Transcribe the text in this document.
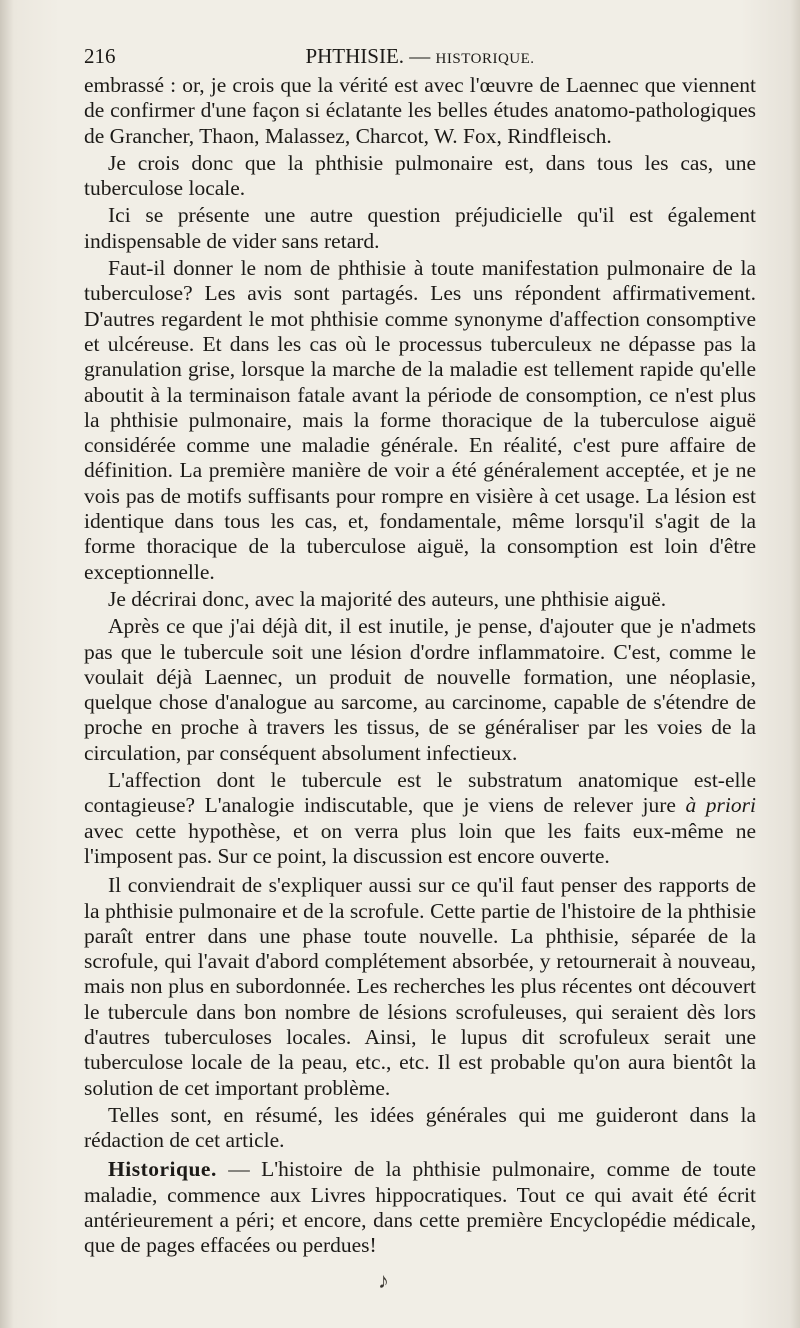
216	PHTHISIE. — HISTORIQUE.

embrassé : or, je crois que la vérité est avec l'œuvre de Laennec que viennent de confirmer d'une façon si éclatante les belles études anatomo-pathologiques de Grancher, Thaon, Malassez, Charcot, W. Fox, Rindfleisch.

Je crois donc que la phthisie pulmonaire est, dans tous les cas, une tuberculose locale.

Ici se présente une autre question préjudicielle qu'il est également indispensable de vider sans retard.

Faut-il donner le nom de phthisie à toute manifestation pulmonaire de la tuberculose? Les avis sont partagés. Les uns répondent affirmativement. D'autres regardent le mot phthisie comme synonyme d'affection consomptive et ulcéreuse. Et dans les cas où le processus tuberculeux ne dépasse pas la granulation grise, lorsque la marche de la maladie est tellement rapide qu'elle aboutit à la terminaison fatale avant la période de consomption, ce n'est plus la phthisie pulmonaire, mais la forme thoracique de la tuberculose aiguë considérée comme une maladie générale. En réalité, c'est pure affaire de définition. La première manière de voir a été généralement acceptée, et je ne vois pas de motifs suffisants pour rompre en visière à cet usage. La lésion est identique dans tous les cas, et, fondamentale, même lorsqu'il s'agit de la forme thoracique de la tuberculose aiguë, la consomption est loin d'être exceptionnelle.

Je décrirai donc, avec la majorité des auteurs, une phthisie aiguë.

Après ce que j'ai déjà dit, il est inutile, je pense, d'ajouter que je n'admets pas que le tubercule soit une lésion d'ordre inflammatoire. C'est, comme le voulait déjà Laennec, un produit de nouvelle formation, une néoplasie, quelque chose d'analogue au sarcome, au carcinome, capable de s'étendre de proche en proche à travers les tissus, de se généraliser par les voies de la circulation, par conséquent absolument infectieux.

L'affection dont le tubercule est le substratum anatomique est-elle contagieuse? L'analogie indiscutable, que je viens de relever jure à priori avec cette hypothèse, et on verra plus loin que les faits eux-même ne l'imposent pas. Sur ce point, la discussion est encore ouverte.

Il conviendrait de s'expliquer aussi sur ce qu'il faut penser des rapports de la phthisie pulmonaire et de la scrofule. Cette partie de l'histoire de la phthisie paraît entrer dans une phase toute nouvelle. La phthisie, séparée de la scrofule, qui l'avait d'abord complétement absorbée, y retournerait à nouveau, mais non plus en subordonnée. Les recherches les plus récentes ont découvert le tubercule dans bon nombre de lésions scrofuleuses, qui seraient dès lors d'autres tuberculoses locales. Ainsi, le lupus dit scrofuleux serait une tuberculose locale de la peau, etc., etc. Il est probable qu'on aura bientôt la solution de cet important problème.

Telles sont, en résumé, les idées générales qui me guideront dans la rédaction de cet article.

Historique. — L'histoire de la phthisie pulmonaire, comme de toute maladie, commence aux Livres hippocratiques. Tout ce qui avait été écrit antérieurement a péri; et encore, dans cette première Encyclopédie médicale, que de pages effacées ou perdues!

♪
